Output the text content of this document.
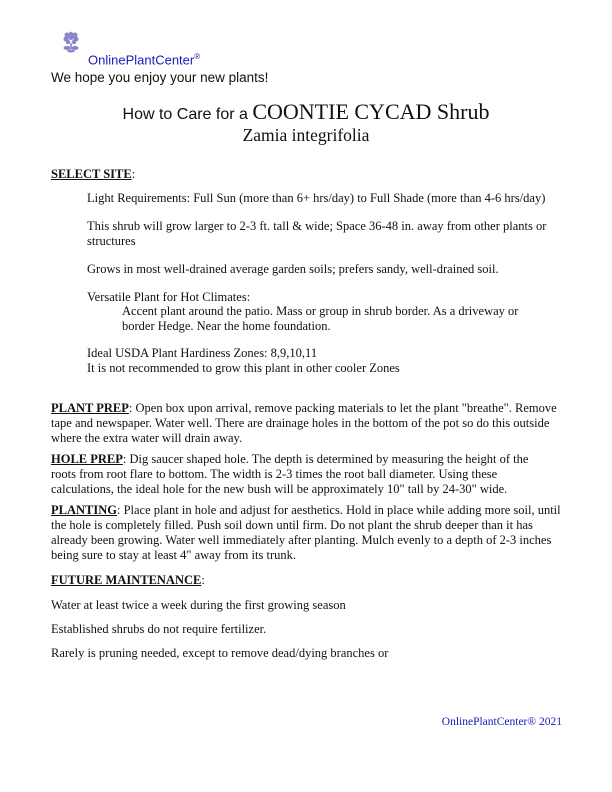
OnlinePlantCenter®
We hope you enjoy your new plants!
How to Care for a COONTIE CYCAD Shrub
Zamia integrifolia
SELECT SITE:
Light Requirements: Full Sun (more than 6+ hrs/day) to Full Shade (more than 4-6 hrs/day)
This shrub will grow larger to 2-3 ft. tall & wide; Space 36-48 in. away from other plants or structures
Grows in most well-drained average garden soils; prefers sandy, well-drained soil.
Versatile Plant for Hot Climates:
Accent plant around the patio. Mass or group in shrub border. As a driveway or border Hedge. Near the home foundation.
Ideal USDA Plant Hardiness Zones: 8,9,10,11
It is not recommended to grow this plant in other cooler Zones
PLANT PREP: Open box upon arrival, remove packing materials to let the plant "breathe". Remove tape and newspaper. Water well. There are drainage holes in the bottom of the pot so do this outside where the extra water will drain away.
HOLE PREP: Dig saucer shaped hole. The depth is determined by measuring the height of the roots from root flare to bottom. The width is 2-3 times the root ball diameter. Using these calculations, the ideal hole for the new bush will be approximately 10" tall by 24-30" wide.
PLANTING: Place plant in hole and adjust for aesthetics. Hold in place while adding more soil, until the hole is completely filled. Push soil down until firm. Do not plant the shrub deeper than it has already been growing. Water well immediately after planting. Mulch evenly to a depth of 2-3 inches being sure to stay at least 4" away from its trunk.
FUTURE MAINTENANCE:
Water at least twice a week during the first growing season
Established shrubs do not require fertilizer.
Rarely is pruning needed, except to remove dead/dying branches or
OnlinePlantCenter® 2021
